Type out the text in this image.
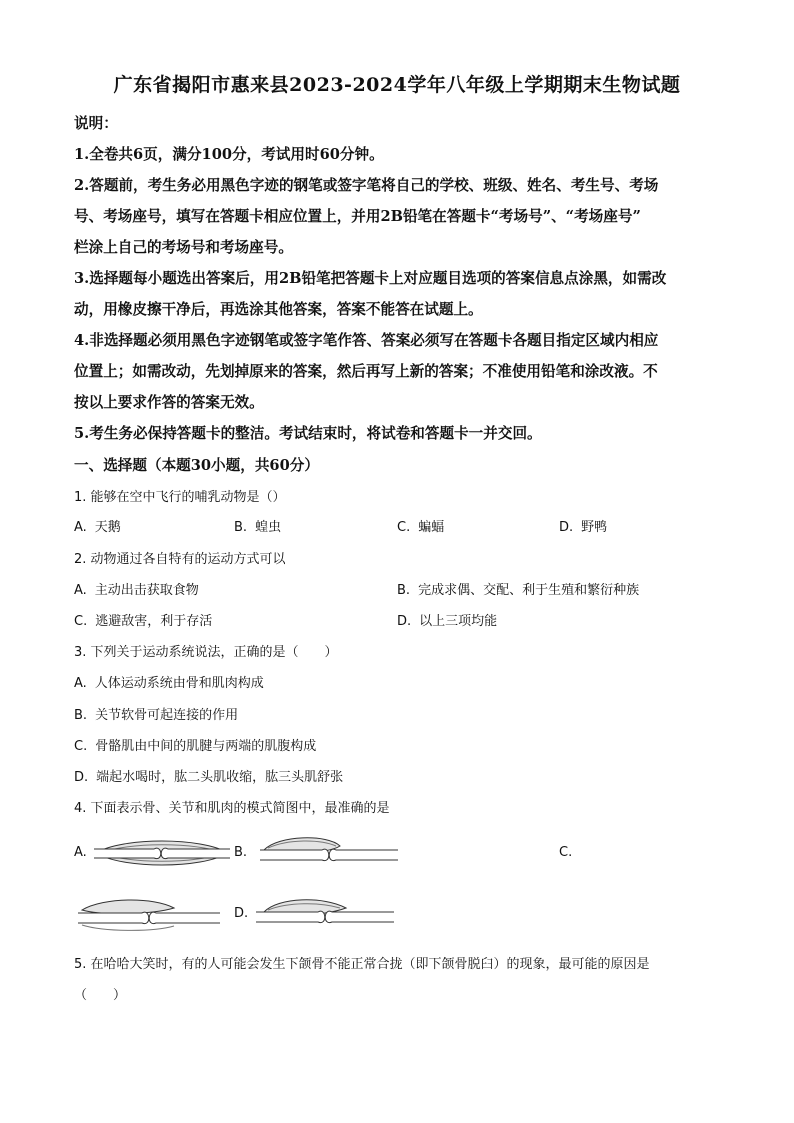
广东省揭阳市惠来县2023-2024学年八年级上学期期末生物试题
说明：
1.全卷共6页，满分100分，考试用时60分钟。
2.答题前，考生务必用黑色字迹的钢笔或签字笔将自己的学校、班级、姓名、考生号、考场
号、考场座号，填写在答题卡相应位置上，并用2B铅笔在答题卡“考场号”、“考场座号”
栏涂上自己的考场号和考场座号。
3.选择题每小题选出答案后，用2B铅笔把答题卡上对应题目选项的答案信息点涂黑，如需改
动，用橡皮擦干净后，再选涂其他答案，答案不能答在试题上。
4.非选择题必须用黑色字迹钢笔或签字笔作答、答案必须写在答题卡各题目指定区域内相应
位置上；如需改动，先划掉原来的答案，然后再写上新的答案；不准使用铅笔和涂改液。不
按以上要求作答的答案无效。
5.考生务必保持答题卡的整洁。考试结束时，将试卷和答题卡一并交回。
一、选择题（本题30小题，共60分）
1. 能够在空中飞行的哺乳动物是（）
A. 天鹅	B. 蝗虫	C. 蝙蝠	D. 野鸭
2. 动物通过各自特有的运动方式可以
A. 主动出击获取食物	B. 完成求偶、交配、利于生殖和繁衍种族
C. 逃避敌害，利于存活	D. 以上三项均能
3. 下列关于运动系统说法，正确的是（　　）
A. 人体运动系统由骨和肌肉构成
B. 关节软骨可起连接的作用
C. 骨骼肌由中间的肌腱与两端的肌腹构成
D. 端起水喝时，肱二头肌收缩，肱三头肌舒张
4. 下面表示骨、关节和肌肉的模式简图中，最准确的是
A.	B.	C.
D.
5. 在哈哈大笑时，有的人可能会发生下颌骨不能正常合拢（即下颌骨脱臼）的现象，最可能的原因是
（　　）
